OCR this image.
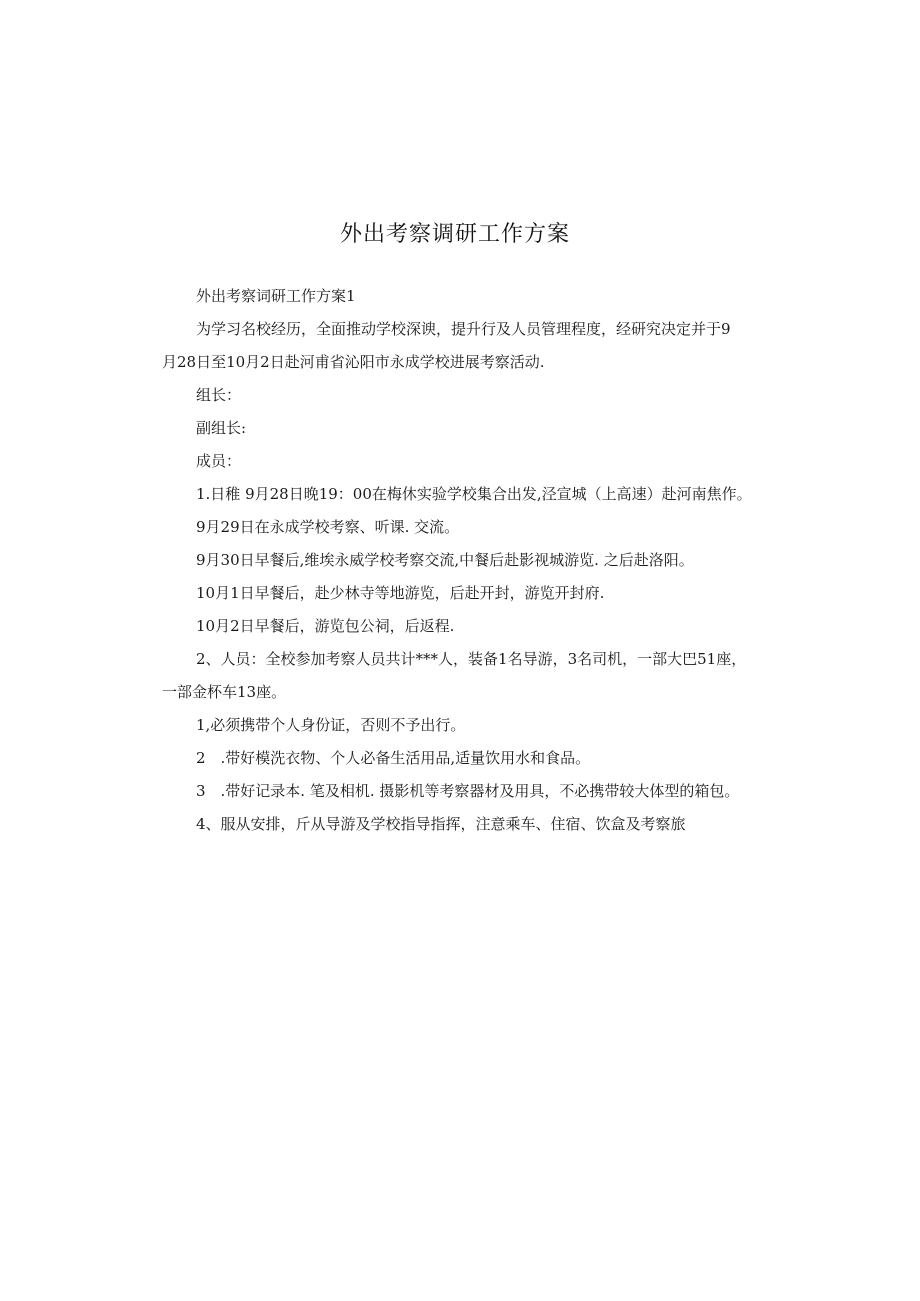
外出考察调研工作方案
外出考察词研工作方案1
为学习名校经历，全面推动学校深谀，提升行及人员管理程度，经研究决定并于9
月28日至10月2日赴河甫省沁阳市永成学校进展考察活动.
组长：
副组长:
成员：
1.日稚 9月28日晚19：00在梅休实验学校集合出发,泾宣城（上高速）赴河南焦作。
9月29日在永成学校考察、听课. 交流。
9月30日早餐后,维埃永威学校考察交流,中餐后赴影视城游览. 之后赴洛阳。
10月1日早餐后，赴少林寺等地游览，后赴开封，游览开封府.
10月2日早餐后，游览包公祠，后返程.
2、人员：全校参加考察人员共计***人，装备1名导游，3名司机，一部大巴51座，
一部金杯车13座。
1,必须携带个人身份证，否则不予出行。
2　.带好模洗衣物、个人必备生活用品,适量饮用水和食品。
3　.带好记录本. 笔及相机. 摄影机等考察器材及用具，不必携带较大体型的箱包。
4、服从安排，斤从导游及学校指导指挥，注意乘车、住宿、饮盒及考察旅
